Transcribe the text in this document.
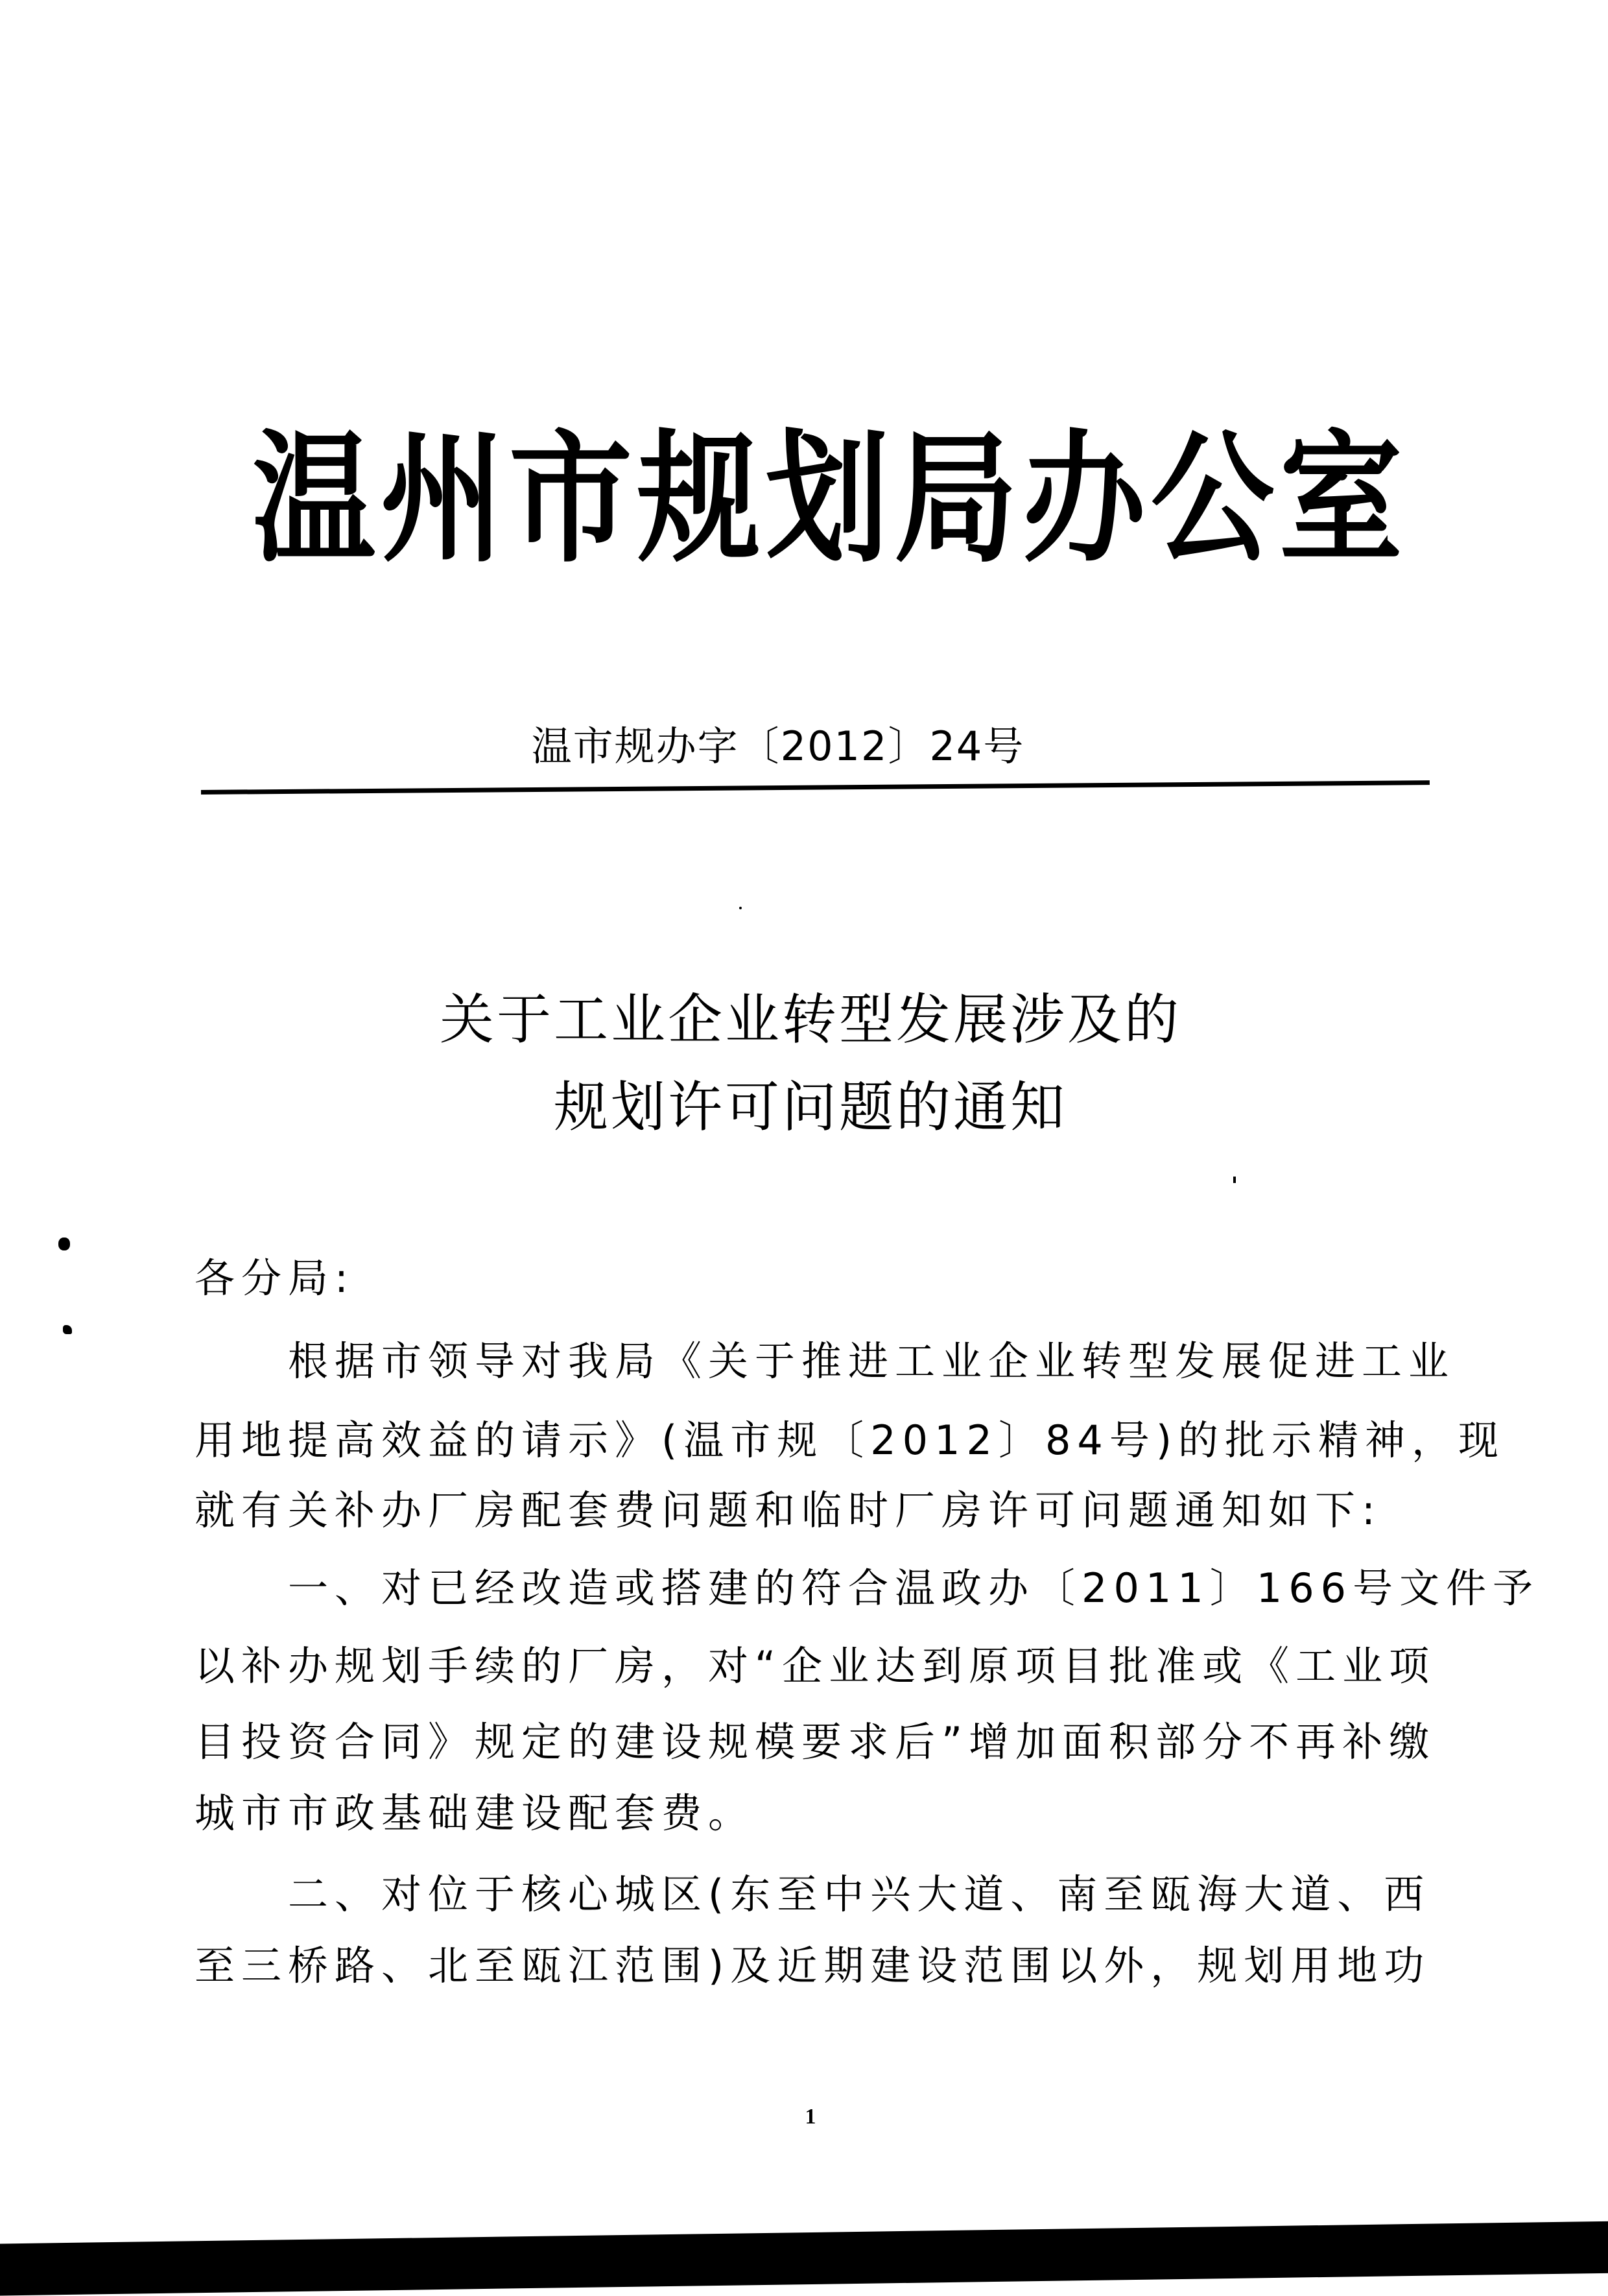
温州市规划局办公室
温市规办字〔2012〕24号
关于工业企业转型发展涉及的
规划许可问题的通知
各分局:
　　根据市领导对我局《关于推进工业企业转型发展促进工业
用地提高效益的请示》(温市规〔2012〕84号)的批示精神，现
就有关补办厂房配套费问题和临时厂房许可问题通知如下:
　　一、对已经改造或搭建的符合温政办〔2011〕166号文件予
以补办规划手续的厂房，对“企业达到原项目批准或《工业项
目投资合同》规定的建设规模要求后”增加面积部分不再补缴
城市市政基础建设配套费。
　　二、对位于核心城区(东至中兴大道、南至瓯海大道、西
至三桥路、北至瓯江范围)及近期建设范围以外，规划用地功
1
